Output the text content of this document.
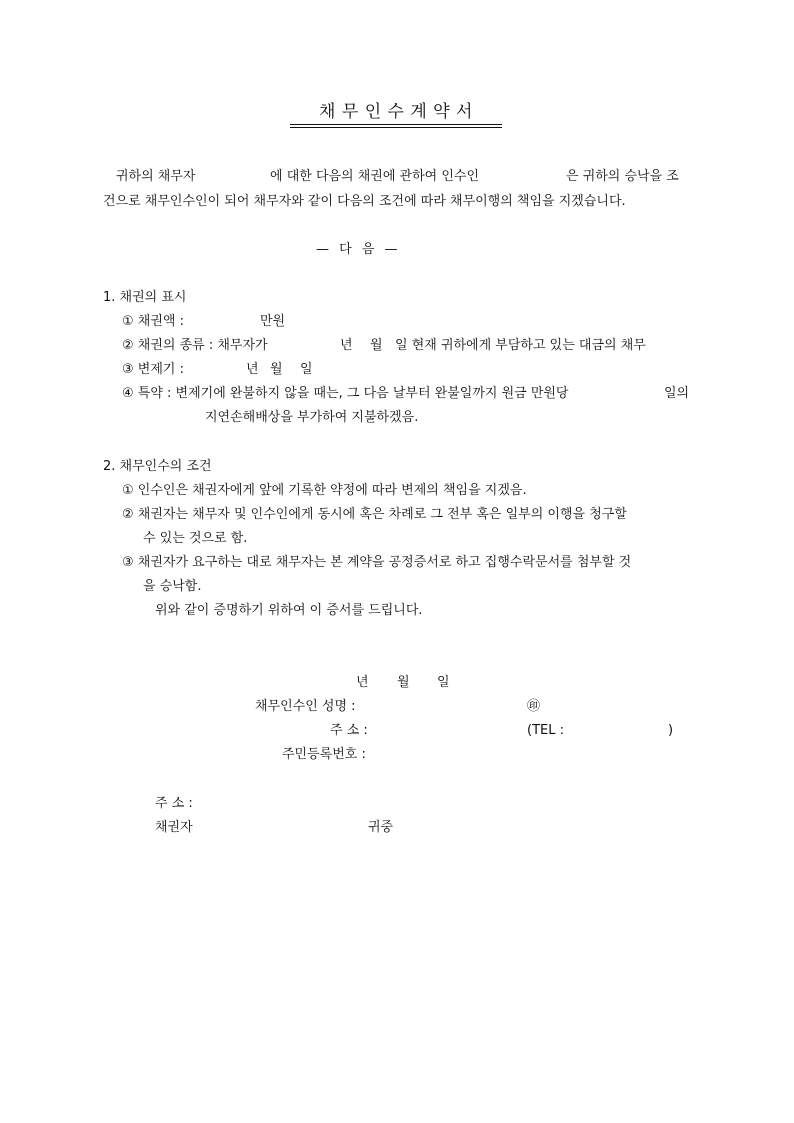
채 무 인 수 계 약 서
귀하의 채무자	에 대한 다음의 채권에 관하여 인수인	은 귀하의 승낙을 조
건으로 채무인수인이 되어 채무자와 같이 다음의 조건에 따라 채무이행의 책임을 지겠습니다.
— 다 음 —
1. 채권의 표시
① 채권액 :	만원
② 채권의 종류 : 채무자가	년 월 일 현재 귀하에게 부담하고 있는 대금의 채무
③ 변제기 :	년 월 일
④ 특약 : 변제기에 완불하지 않을 때는, 그 다음 날부터 완불일까지 원금 만원당	일의
지연손해배상을 부가하여 지불하겠음.
2. 채무인수의 조건
① 인수인은 채권자에게 앞에 기록한 약정에 따라 변제의 책임을 지겠음.
② 채권자는 채무자 및 인수인에게 동시에 혹은 차례로 그 전부 혹은 일부의 이행을 청구할
수 있는 것으로 함.
③ 채권자가 요구하는 대로 채무자는 본 계약을 공정증서로 하고 집행수락문서를 첨부할 것
을 승낙함.
위와 같이 증명하기 위하여 이 증서를 드립니다.
년 월 일
채무인수인 성명 :	㊞
주 소 :	(TEL :	)
주민등록번호 :
주 소 :
채권자	귀중
